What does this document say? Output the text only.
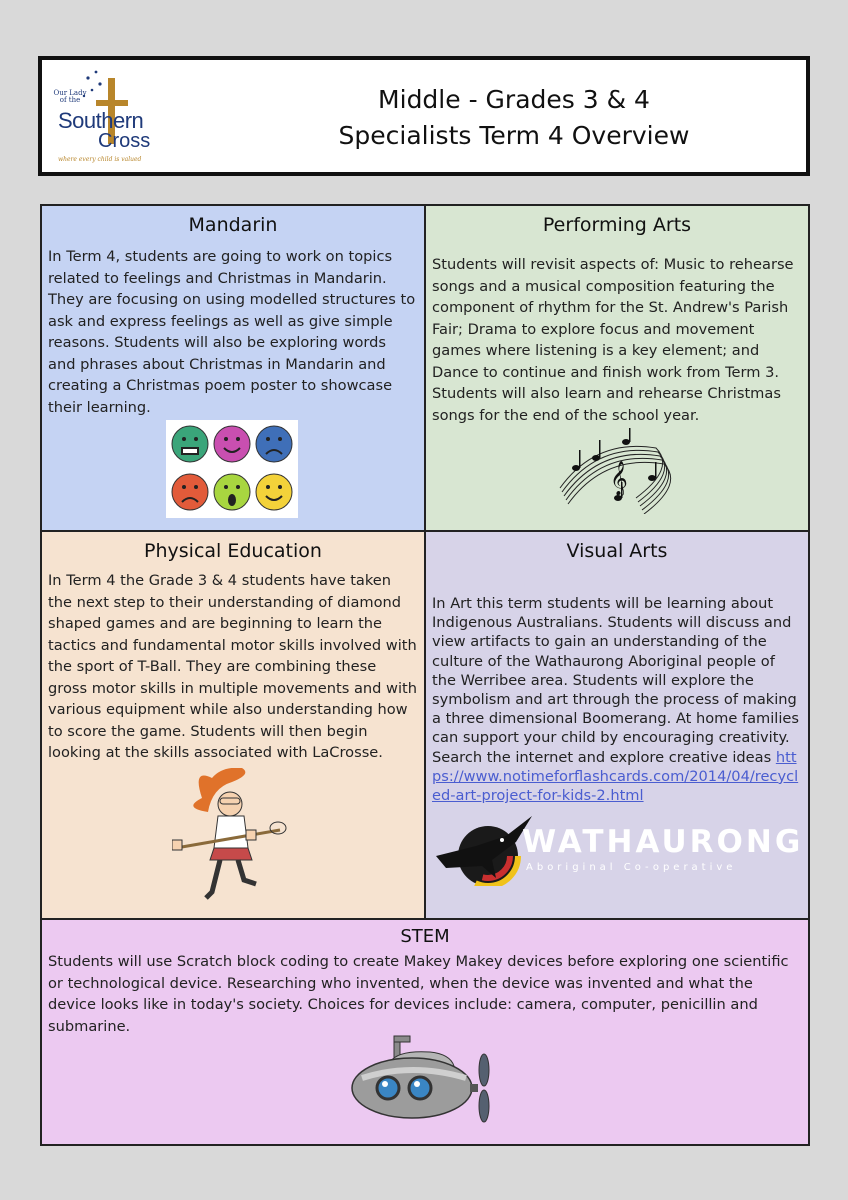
Our Lady of the
Southern
Cross
where every child is valued
Middle - Grades 3 & 4
Specialists Term 4 Overview
Mandarin

In Term 4, students are going to work on topics related to feelings and Christmas in Mandarin. They are focusing on using modelled structures to ask and express feelings as well as give simple reasons. Students will also be exploring words and phrases about Christmas in Mandarin and creating a Christmas poem poster to showcase their learning.

Performing Arts

Students will revisit aspects of: Music to rehearse songs and a musical composition featuring the component of rhythm for the St. Andrew's Parish Fair; Drama to explore focus and movement games where listening is a key element; and Dance to continue and finish work from Term 3. Students will also learn and rehearse Christmas songs for the end of the school year.

𝄞
Physical Education

In Term 4 the Grade 3 & 4 students have taken the next step to their understanding of diamond shaped games and are beginning to learn the tactics and fundamental motor skills involved with the sport of T-Ball. They are combining these gross motor skills in multiple movements and with various equipment while also understanding how to score the game. Students will then begin looking at the skills associated with LaCrosse.

Visual Arts

In Art this term students will be learning about Indigenous Australians. Students will discuss and view artifacts to gain an understanding of the culture of the Wathaurong Aboriginal people of the Werribee area. Students will explore the symbolism and art through the process of making a three dimensional Boomerang. At home families can support your child by encouraging creativity. Search the internet and explore creative ideas https://www.notimeforflashcards.com/2014/04/recycled-art-project-for-kids-2.html

WATHAURONG
Aboriginal Co-operative
STEM

Students will use Scratch block coding to create Makey Makey devices before exploring one scientific or technological device. Researching who invented, when the device was invented and what the device looks like in today's society. Choices for devices include: camera, computer, penicillin and submarine.
